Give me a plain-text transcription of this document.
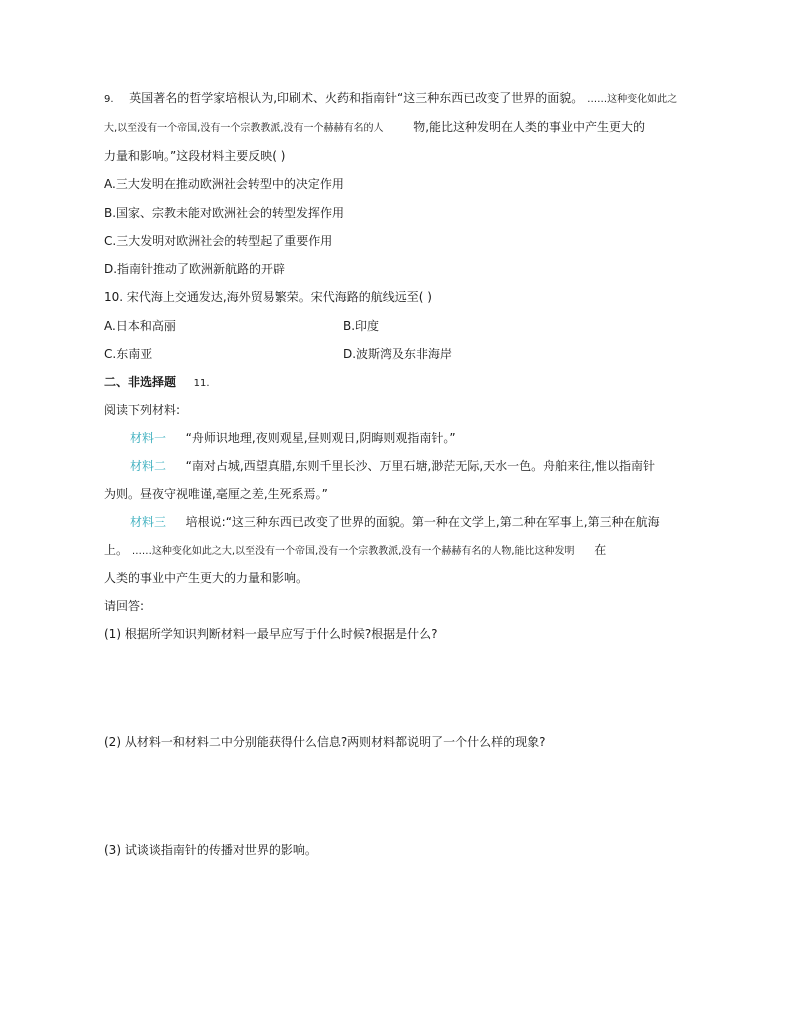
9. 英国著名的哲学家培根认为,印刷术、火药和指南针“这三种东西已改变了世界的面貌。 ……这种变化如此之
大,以至没有一个帝国,没有一个宗教教派,没有一个赫赫有名的人 物,能比这种发明在人类的事业中产生更大的
力量和影响。”这段材料主要反映( )
A.三大发明在推动欧洲社会转型中的决定作用
B.国家、宗教未能对欧洲社会的转型发挥作用
C.三大发明对欧洲社会的转型起了重要作用
D.指南针推动了欧洲新航路的开辟
10. 宋代海上交通发达,海外贸易繁荣。宋代海路的航线远至( )
A.日本和高丽	B.印度
C.东南亚	D.波斯湾及东非海岸
二、非选择题 11.
阅读下列材料:
材料一 “舟师识地理,夜则观星,昼则观日,阴晦则观指南针。”
材料二 “南对占城,西望真腊,东则千里长沙、万里石塘,渺茫无际,天水一色。舟舶来往,惟以指南针
为则。昼夜守视唯谨,毫厘之差,生死系焉。”
材料三 培根说:“这三种东西已改变了世界的面貌。第一种在文学上,第二种在军事上,第三种在航海
上。 ……这种变化如此之大,以至没有一个帝国,没有一个宗教教派,没有一个赫赫有名的人物,能比这种发明 在
人类的事业中产生更大的力量和影响。
请回答:
(1) 根据所学知识判断材料一最早应写于什么时候?根据是什么?
(2) 从材料一和材料二中分别能获得什么信息?两则材料都说明了一个什么样的现象?
(3) 试谈谈指南针的传播对世界的影响。
